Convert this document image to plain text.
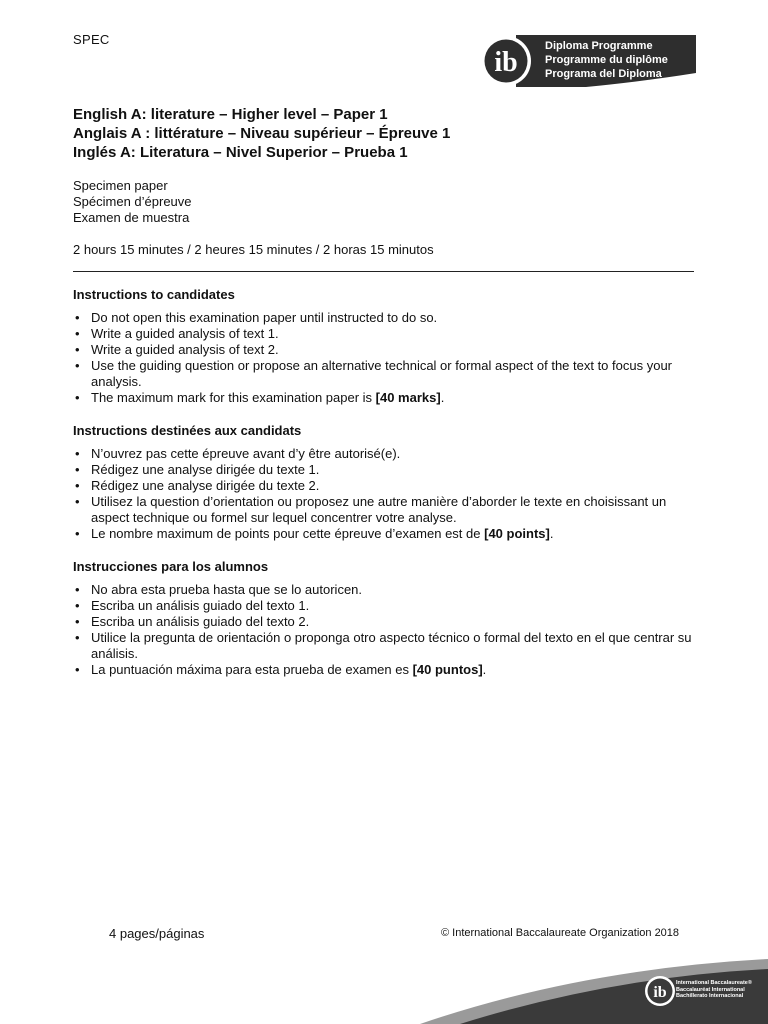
SPEC
ib
Diploma Programme
Programme du diplôme
Programa del Diploma
English A: literature – Higher level – Paper 1
Anglais A : littérature – Niveau supérieur – Épreuve 1
Inglés A: Literatura – Nivel Superior – Prueba 1
Specimen paper
Spécimen d’épreuve
Examen de muestra
2 hours 15 minutes / 2 heures 15 minutes / 2 horas 15 minutos
Instructions to candidates
• Do not open this examination paper until instructed to do so.
• Write a guided analysis of text 1.
• Write a guided analysis of text 2.
• Use the guiding question or propose an alternative technical or formal aspect of the text to focus your analysis.
• The maximum mark for this examination paper is [40 marks].
Instructions destinées aux candidats
• N’ouvrez pas cette épreuve avant d’y être autorisé(e).
• Rédigez une analyse dirigée du texte 1.
• Rédigez une analyse dirigée du texte 2.
• Utilisez la question d’orientation ou proposez une autre manière d’aborder le texte en choisissant un aspect technique ou formel sur lequel concentrer votre analyse.
• Le nombre maximum de points pour cette épreuve d’examen est de [40 points].
Instrucciones para los alumnos
• No abra esta prueba hasta que se lo autoricen.
• Escriba un análisis guiado del texto 1.
• Escriba un análisis guiado del texto 2.
• Utilice la pregunta de orientación o proponga otro aspecto técnico o formal del texto en el que centrar su análisis.
• La puntuación máxima para esta prueba de examen es [40 puntos].
4 pages/páginas	© International Baccalaureate Organization 2018
ib
International Baccalaureate®
Baccalauréat International
Bachillerato Internacional
